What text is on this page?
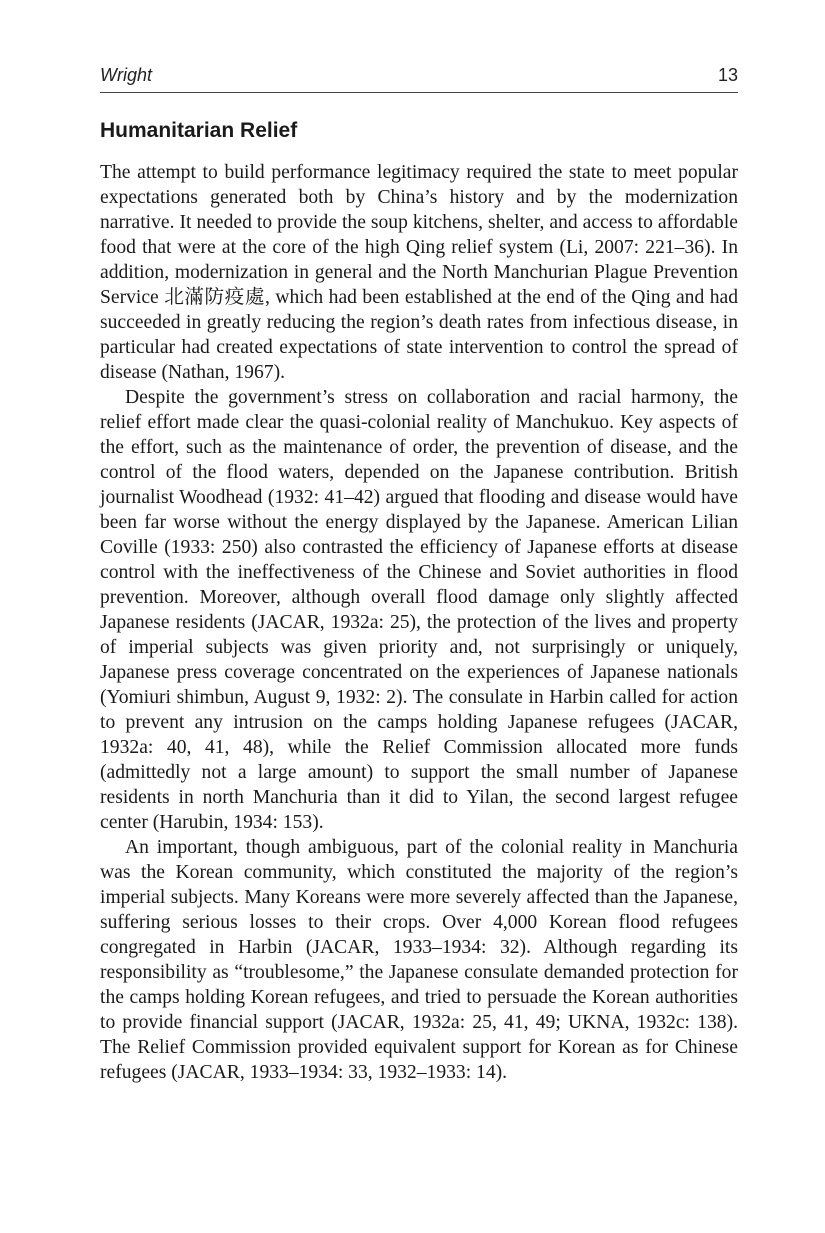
Wright	13
Humanitarian Relief

The attempt to build performance legitimacy required the state to meet popular expectations generated both by China’s history and by the modernization narrative. It needed to provide the soup kitchens, shelter, and access to affordable food that were at the core of the high Qing relief system (Li, 2007: 221–36). In addition, modernization in general and the North Manchurian Plague Prevention Service 北滿防疫處, which had been established at the end of the Qing and had succeeded in greatly reducing the region’s death rates from infectious disease, in particular had created expectations of state intervention to control the spread of disease (Nathan, 1967).

Despite the government’s stress on collaboration and racial harmony, the relief effort made clear the quasi-colonial reality of Manchukuo. Key aspects of the effort, such as the maintenance of order, the prevention of disease, and the control of the flood waters, depended on the Japanese contribution. British journalist Woodhead (1932: 41–42) argued that flooding and disease would have been far worse without the energy displayed by the Japanese. American Lilian Coville (1933: 250) also contrasted the efficiency of Japanese efforts at disease control with the ineffectiveness of the Chinese and Soviet authorities in flood prevention. Moreover, although overall flood damage only slightly affected Japanese residents (JACAR, 1932a: 25), the protection of the lives and property of imperial subjects was given priority and, not surprisingly or uniquely, Japanese press coverage concentrated on the experiences of Japanese nationals (Yomiuri shimbun, August 9, 1932: 2). The consulate in Harbin called for action to prevent any intrusion on the camps holding Japanese refugees (JACAR, 1932a: 40, 41, 48), while the Relief Commission allocated more funds (admittedly not a large amount) to support the small number of Japanese residents in north Manchuria than it did to Yilan, the second largest refugee center (Harubin, 1934: 153).

An important, though ambiguous, part of the colonial reality in Manchuria was the Korean community, which constituted the majority of the region’s imperial subjects. Many Koreans were more severely affected than the Japanese, suffering serious losses to their crops. Over 4,000 Korean flood refugees congregated in Harbin (JACAR, 1933–1934: 32). Although regarding its responsibility as “troublesome,” the Japanese consulate demanded protection for the camps holding Korean refugees, and tried to persuade the Korean authorities to provide financial support (JACAR, 1932a: 25, 41, 49; UKNA, 1932c: 138). The Relief Commission provided equivalent support for Korean as for Chinese refugees (JACAR, 1933–1934: 33, 1932–1933: 14).
